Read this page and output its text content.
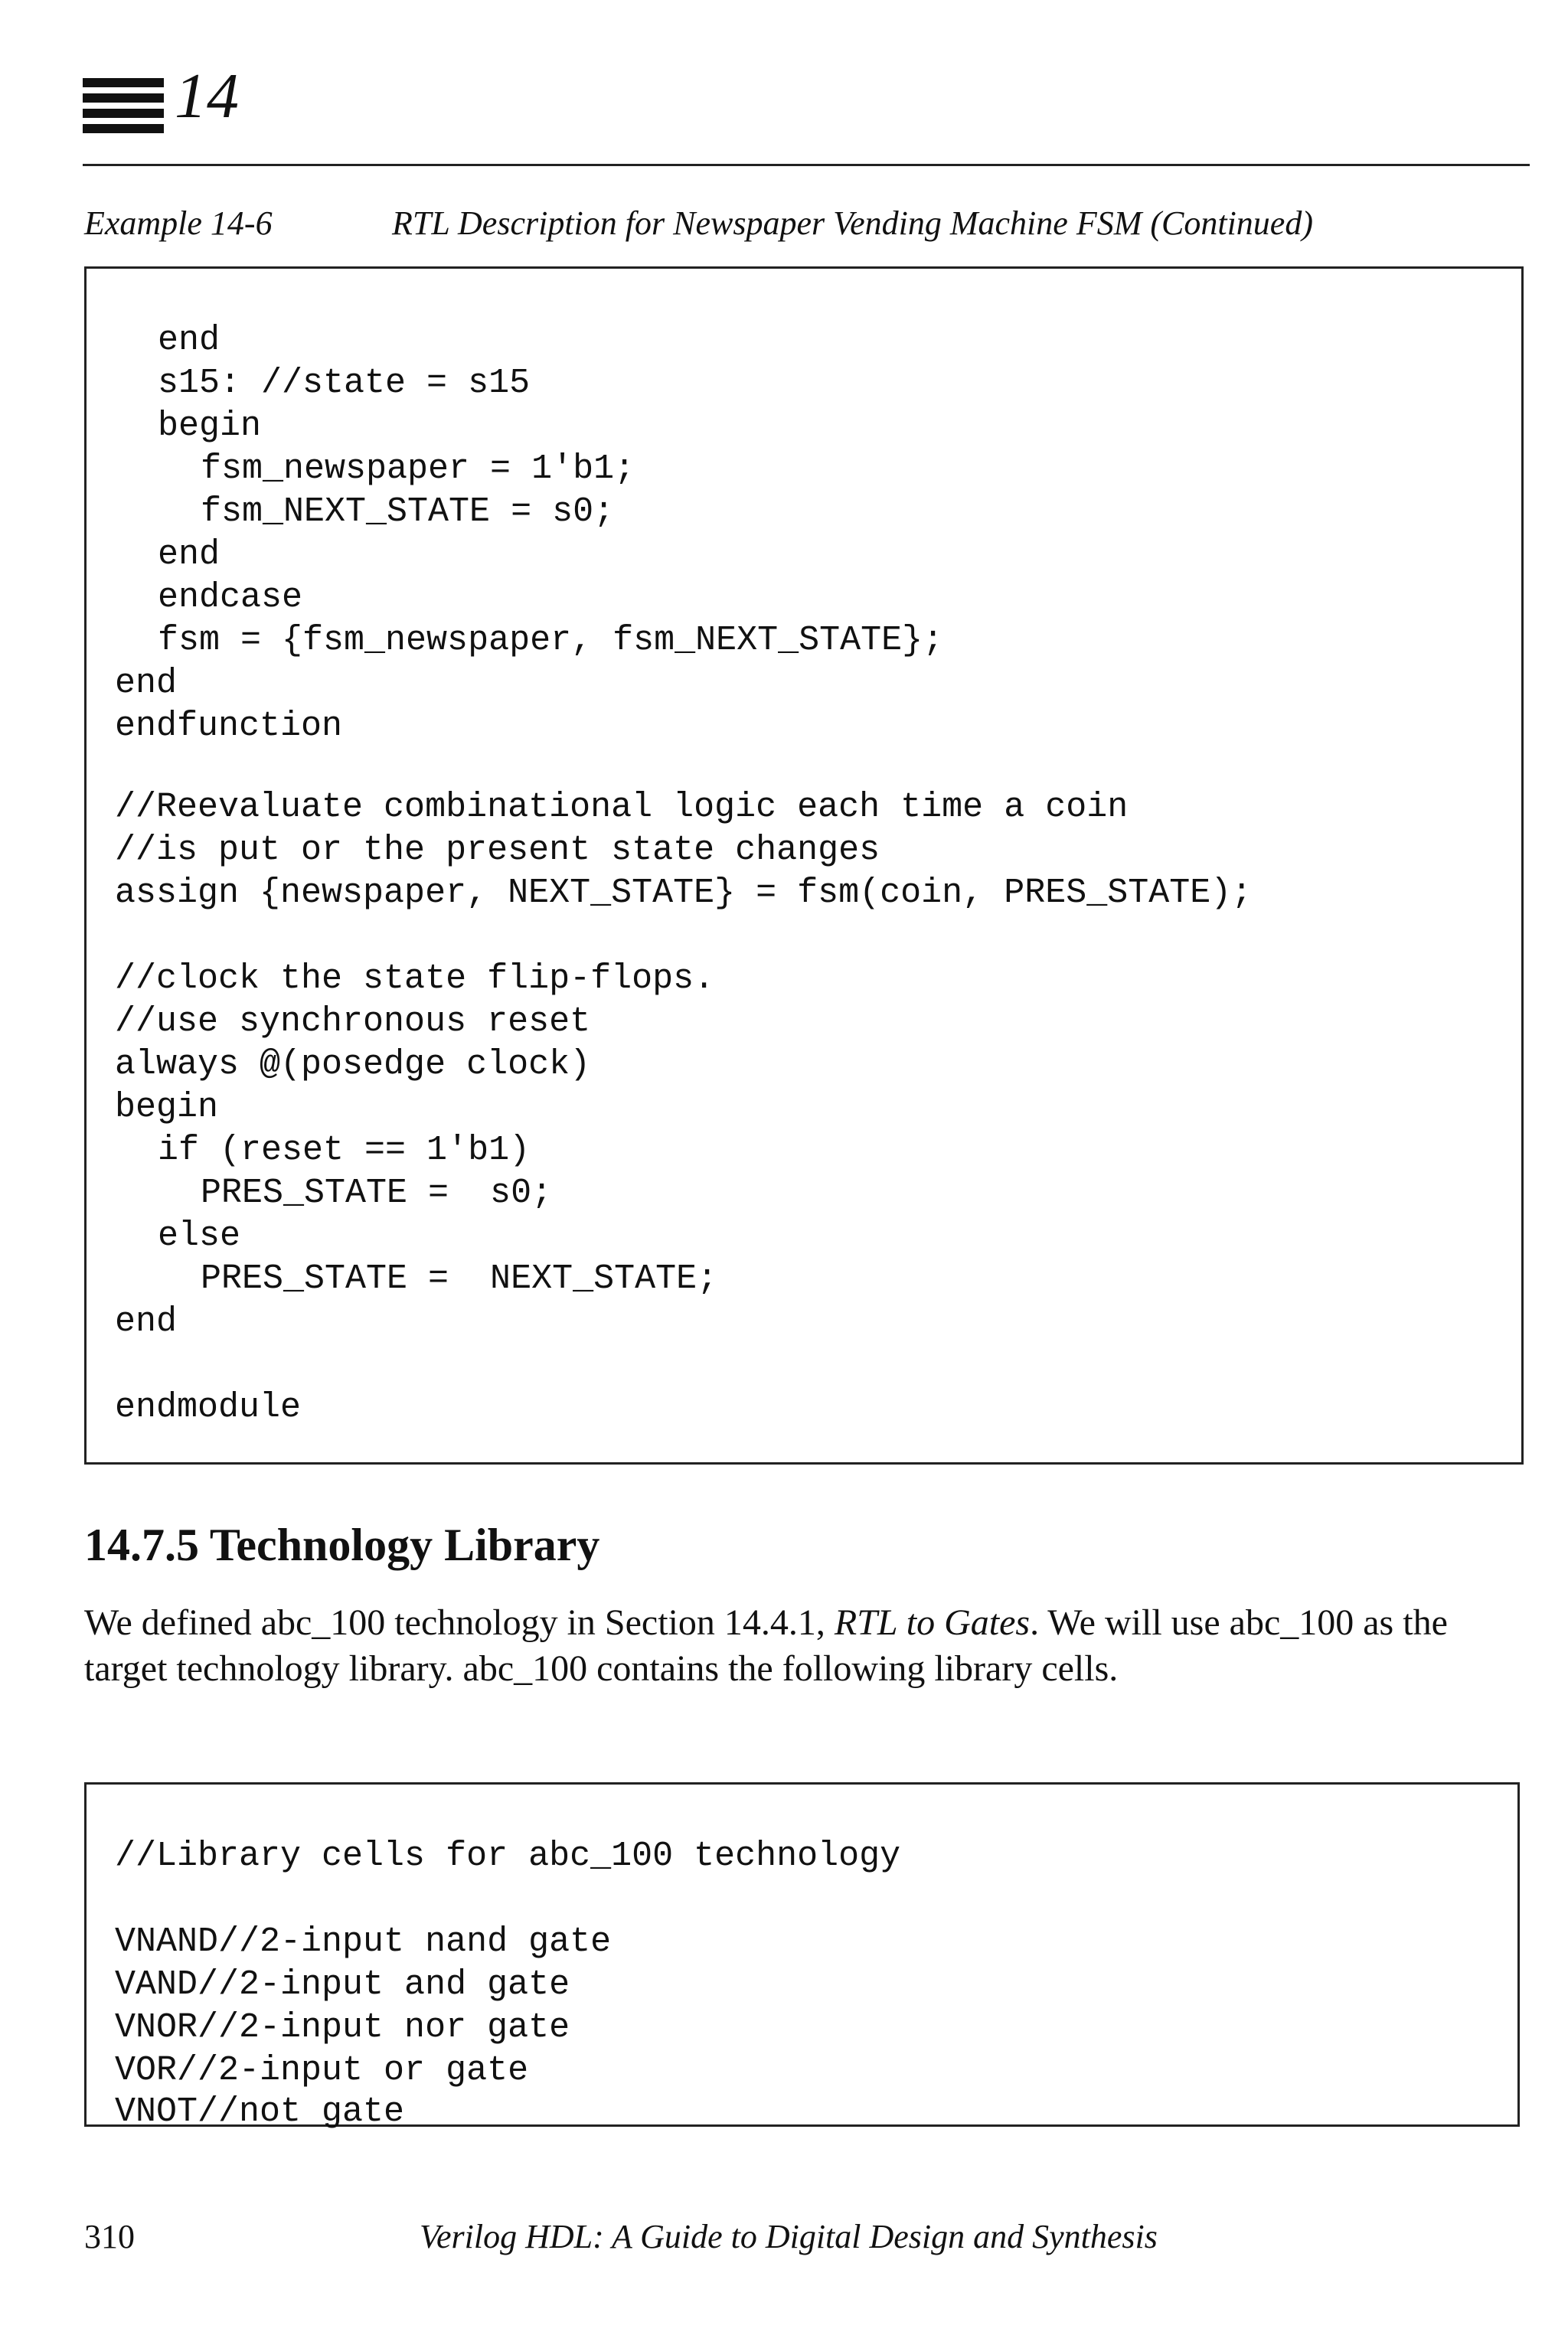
14
Example 14-6	RTL Description for Newspaper Vending Machine FSM (Continued)
end
s15: //state = s15
begin
fsm_newspaper = 1'b1;
fsm_NEXT_STATE = s0;
end
endcase
fsm = {fsm_newspaper, fsm_NEXT_STATE};
end
endfunction
//Reevaluate combinational logic each time a coin
//is put or the present state changes
assign {newspaper, NEXT_STATE} = fsm(coin, PRES_STATE);
//clock the state flip-flops.
//use synchronous reset
always @(posedge clock)
begin
if (reset == 1'b1)
PRES_STATE =  s0;
else
PRES_STATE =  NEXT_STATE;
end
endmodule
14.7.5 Technology Library

We defined abc_100 technology in Section 14.4.1, RTL to Gates. We will use abc_100 as the target technology library. abc_100 contains the following library cells.

//Library cells for abc_100 technology
VNAND//2-input nand gate
VAND//2-input and gate
VNOR//2-input nor gate
VOR//2-input or gate
VNOT//not gate
310	Verilog HDL: A Guide to Digital Design and Synthesis
